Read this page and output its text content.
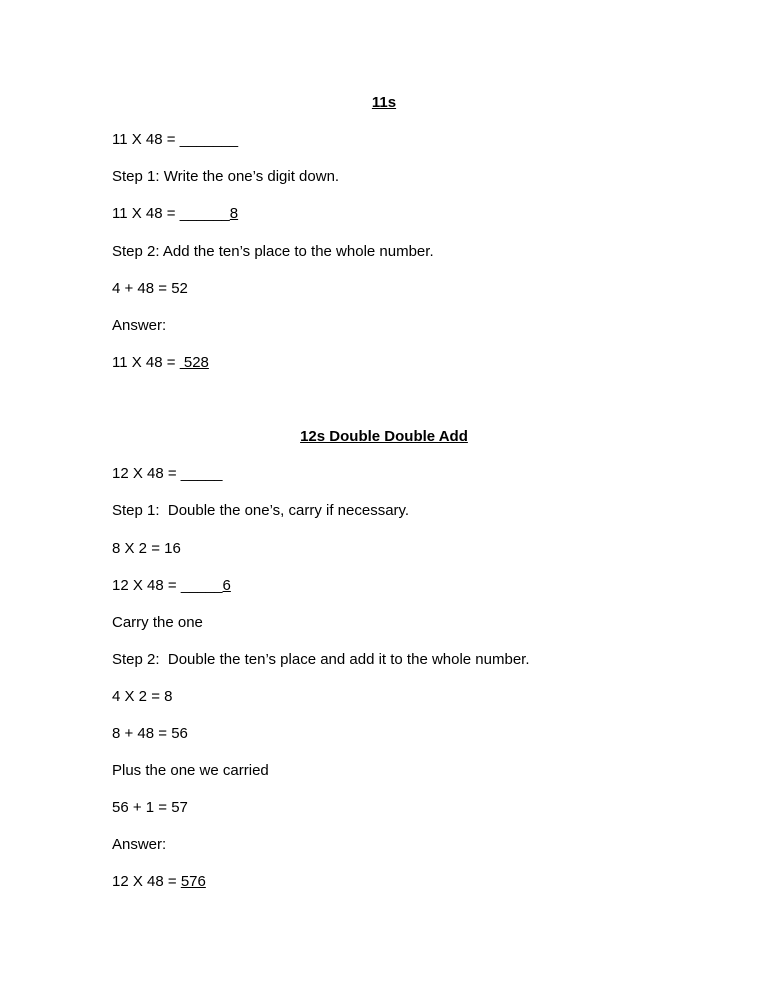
11s
11 X 48 = _______
Step 1: Write the one’s digit down.
11 X 48 = ______8
Step 2: Add the ten’s place to the whole number.
4 + 48 = 52
Answer:
11 X 48 =  528
12s Double Double Add
12 X 48 = _____
Step 1:  Double the one’s, carry if necessary.
8 X 2 = 16
12 X 48 = _____6
Carry the one
Step 2:  Double the ten’s place and add it to the whole number.
4 X 2 = 8
8 + 48 = 56
Plus the one we carried
56 + 1 = 57
Answer:
12 X 48 = 576
